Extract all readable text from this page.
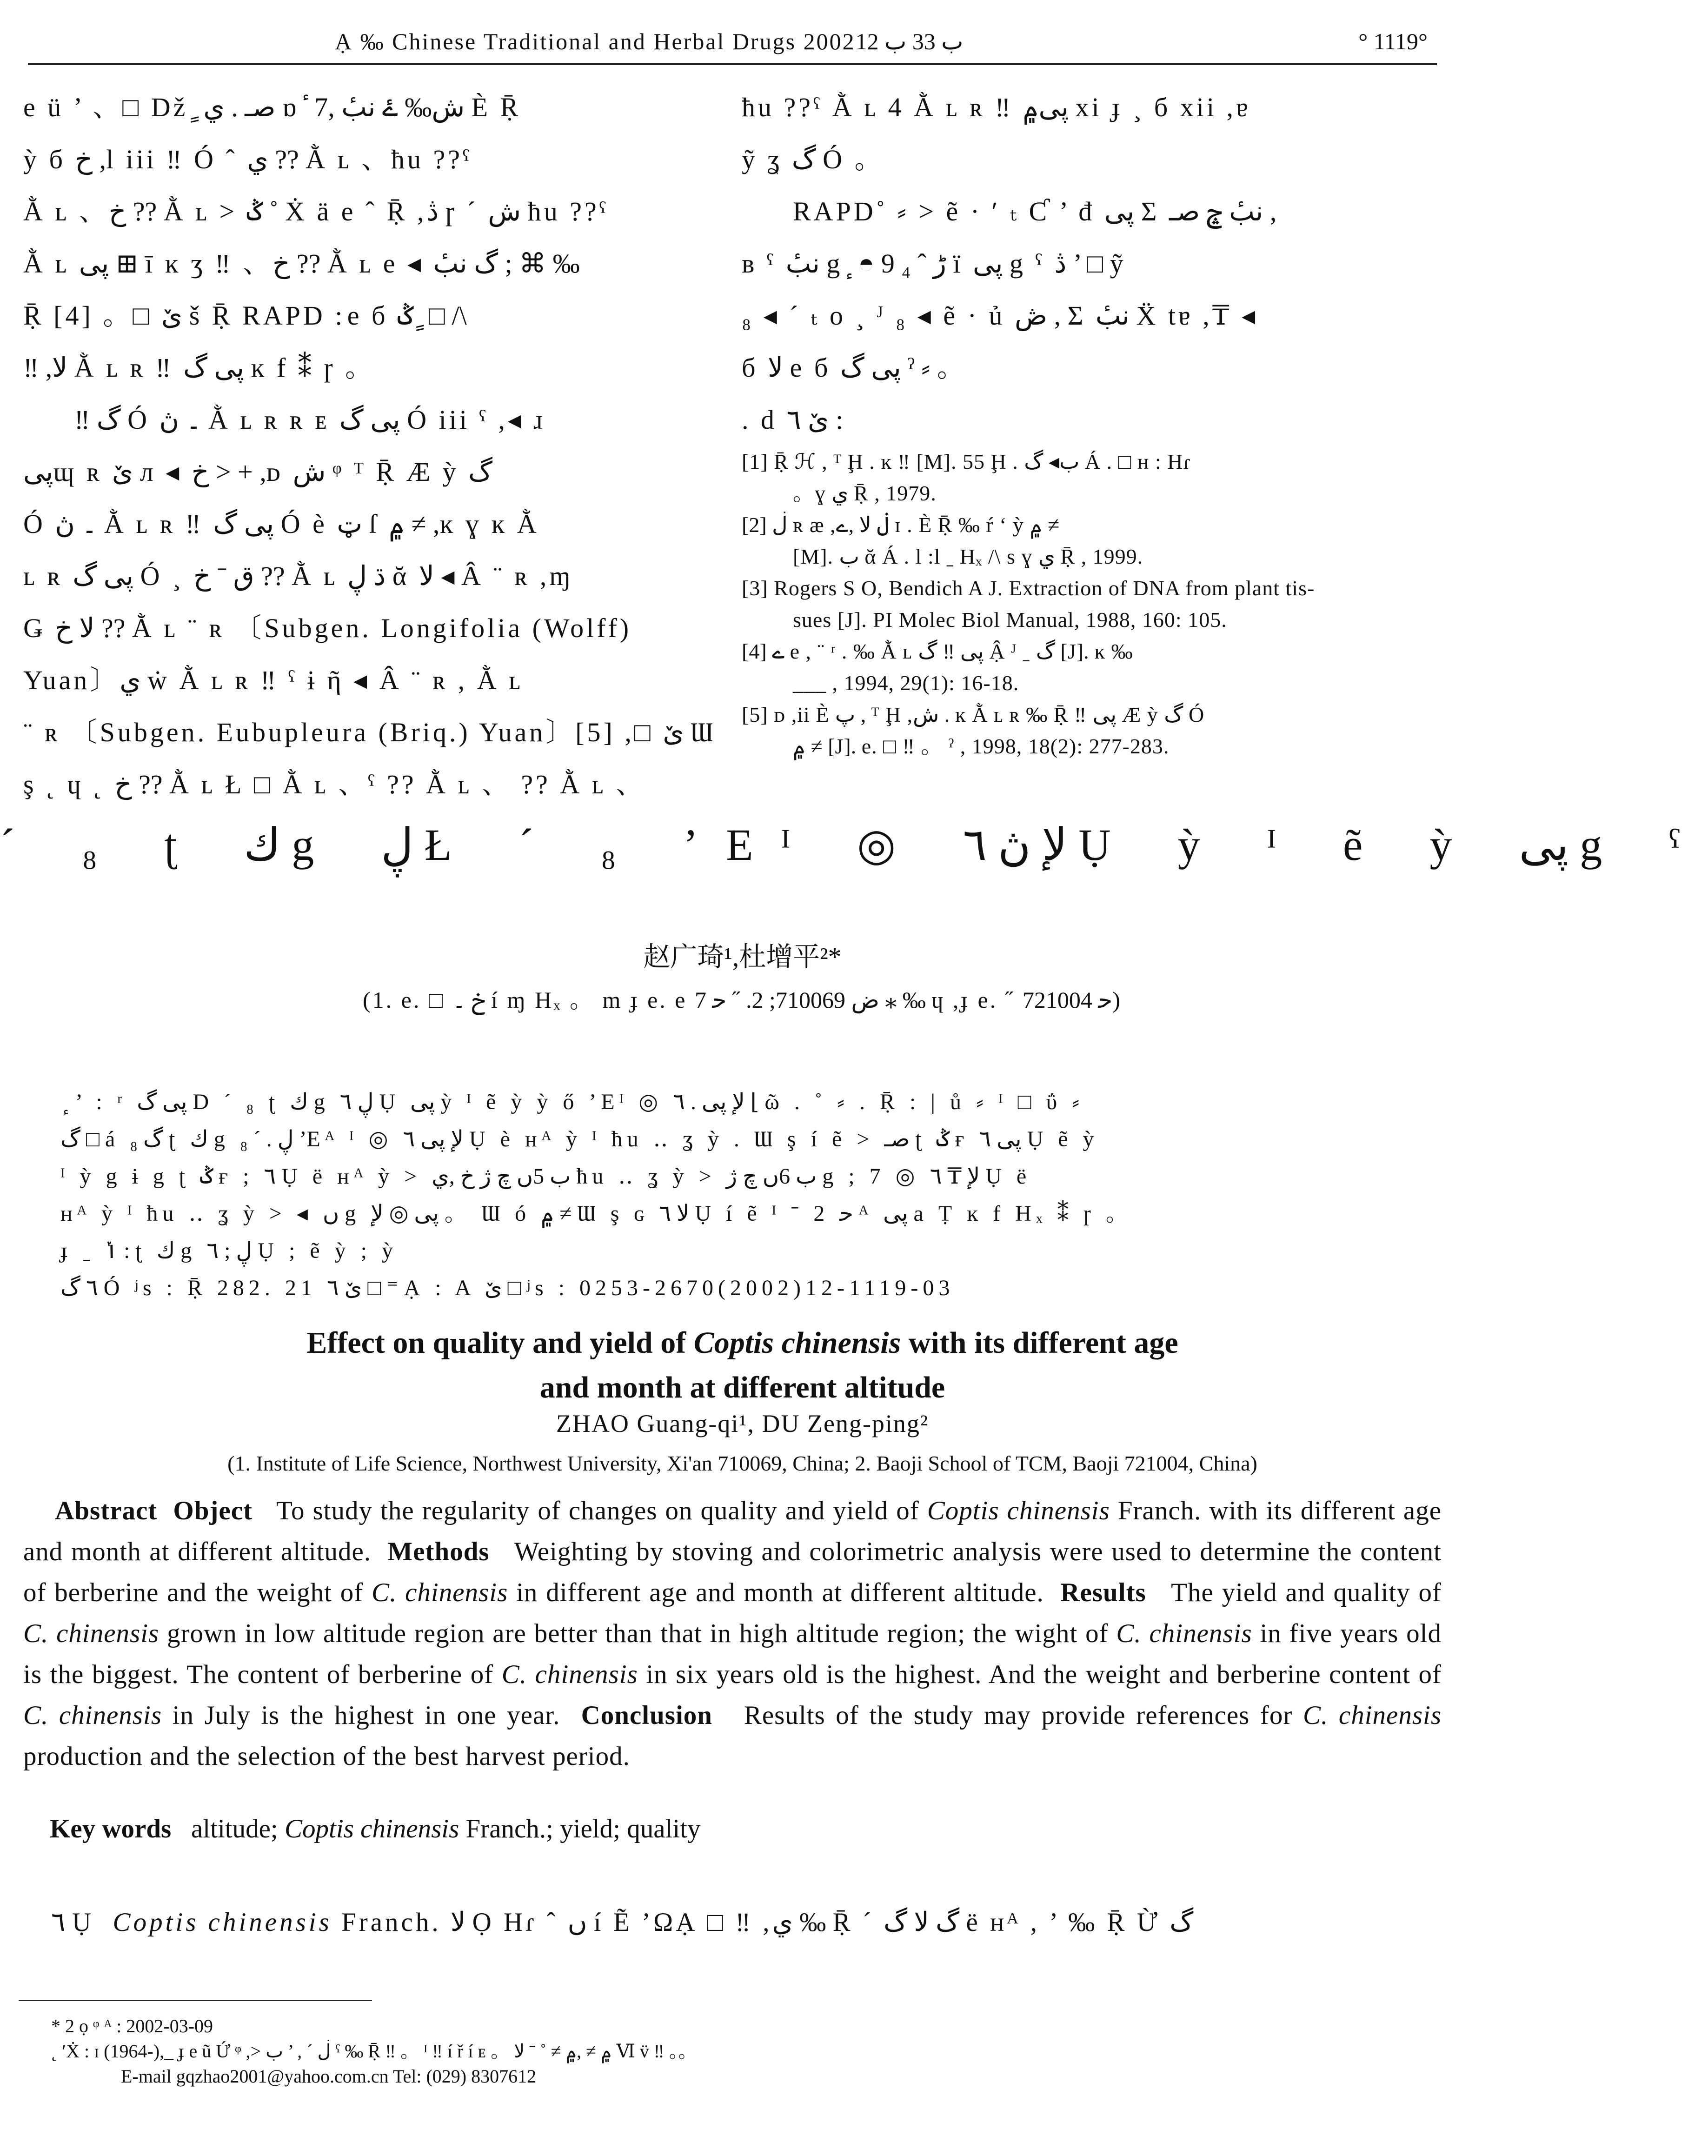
Ạ ‰ Chinese Traditional and Herbal Drugs 2002ب 33 ب 12	° 1119°
е ü ’ 、□ Dž ٍ صـ . ي ɒ ٔ ش‰ ۓ نبٔ ,7 È Ṝ
ỳ б خ ,l iii ‼ Ó ˆ ي ?? Ằ ʟ 、ħu ??ˁ
Ằ ʟ 、خ ?? Ằ ʟ > ݣ ˚ Ẋ ä е ˆ Ṝ ,ڎ ɼ ˊ ش ħu ??ˁ
Ằ ʟ پی ⊞ ī ĸ ʒ ‼ 、خ ?? Ằ ʟ е ◂ گ نبٔ ; ⌘ ‰
Ṝ [4] 。□ ێ š Ṝ RAPD ׃ е б ݣ ٍ □ /\
‼ ,ﻻ Ằ ʟ ʀ ‼ پی گ ĸ f ⁑ ɼ 。
‼ گ Ó ۔ ڽ Ằ ʟ ʀ ʀ ᴇ پی گ Ó iii ˁ ,◂ ɹ
پیɰ ʀ ێ л ◂ خ > + ,ᴅ ش ᵠ ᵀ Ṝ Æ ỳ گ
Ó ۔ ڽ Ằ ʟ ʀ ‼ پی گ Ó è ټ ſ ۾ ≠ ,ĸ ɣ ĸ Ằ
ʟ ʀ پی گ Ó ¸ ق ˉ خ ?? Ằ ʟ ڌ ڸ ᾰ ﻻ ◂ Â ¨ ʀ ,ɱ
Ǥ ﻻ خ ?? Ằ ʟ ¨ ʀ 〔Subgen. Longifolia (Wolff)
Yuan〕ي ẇ Ằ ʟ ʀ ‼ ˁ ɨ ῆ ◂ Â ¨ ʀ , Ằ ʟ
¨ ʀ 〔Subgen. Eubupleura (Briq.) Yuan〕[5] ,□ ێ Ɯ
ş ˛ ɥ ˛ خ ?? Ằ ʟ Ł □ Ằ ʟ 、ˁ ?? Ằ ʟ 、 ?? Ằ ʟ 、
ħu ??ˁ Ằ ʟ 4 Ằ ʟ ʀ ‼ پی۾ xi ɟ ¸ б xii ,ɐ
ỹ ʓ گ Ó 。
RAPD˚ ⸗ > ẽ · ʹ ₜ Ƈ ’ đ پی Σ نبٔ ݘ صـ ,
ʙ ˁ نبٔ g ٕ ◓ 9 ڑ ˆ ₄ ï پی g ˁ ڎ ’ □ ỹ
₈ ◂ ˊ ₜ о ¸ ᴶ ₈ ◂ ẽ · ủ ڞ , Σ نبٔ Ẍ tɐ ,₸ ◂
б ﻻ е б پی گ ˀ ⸗ 。
. d ێ ٦ :
[1] Ṝ ℋ , ᵀ Ḩ . ĸ ‼ [M]. 55 Ḩ . ب◂ گ Á . □ ʜ : Hɾ
。ɣ ي Ṝ , 1979.
[2] ڶ ʀ æ ,ڶ ﻻ ,ے ɪ . È Ṝ ‰ ŕ ʻ ỳ ۾ ≠
[M]. ب ᾰ Á . l :l ˍ Hₓ /\ ѕ ɣ ي Ṝ , 1999.
[3] Rogers S O, Bendich A J. Extraction of DNA from plant tis-
sues [J]. PI Molec Biol Manual, 1988, 160: 105.
[4] ے е , ¨ ʳ . ‰ Ằ ʟ پی ‼ گ Ậ ᴶ ˍ گ [J]. ĸ ‰
___ , 1994, 29(1): 16-18.
[5] ᴅ ,ii È پ , ᵀ Ḩ ,ش . ĸ Ằ ʟ ʀ ‰ Ṝ ‼ پی Æ ỳ گ Ó
۾ ≠ [J]. е. □ ‼ 。 ˀ , 1998, 18(2): 277-283.
ˊ ₈ ʈ ك g ڸ Ł ˊ ₈ ʼEᴵ ◎ ﻹ ڽ ٦ Ụ ỳ ᴵ ẽ ỳ پی g ˁ
赵广琦¹,杜增平²*
(1. е. □ خ ۔ í ɱ Hₓ 。 m ɟ е. е ض 710069; 2. ˝ ﺣ 7 ⁎ ‰ ɥ ,ɟ е. ˝ ﺣ 721004)
ٕ ’ : ʳ پی گ D ˊ ₈ ʈ ك g ڸ ٦ Ụ پی ỳ ᴵ ẽ ỳ ỳ ő ʼEᴵ ◎ ﻹ پی . ٦ ⌊ ῶ . ˚ ⸗ . Ṝ : | ů ⸗ ᴵ □ ΰ ⸗
گ □ á گ ₈ ʈ ك g ڸ . ˊ ₈ ʼEᴬ ᴵ ◎ ﻹ پی ٦ Ụ è ʜᴬ ỳ ᴵ ħu ‥ ʓ ỳ . Ɯ ş í ẽ > صـ ʈ ݣ ғ پی ٦ Ụ ẽ ỳ
ᴵ ỳ g ɨ g ʈ ݣ ғ ; ٦ Ụ ë ʜᴬ ỳ > ب 5ں چ ژ خ ,ي ħu ‥ ʓ ỳ > ب 6ں چ ژ g ; 7 ◎ ﻹ ₸ ٦ Ụ ë
ʜᴬ ỳ ᴵ ħu ‥ ʓ ỳ > ◂ ں g پی ◎ ﻹ 。 Ɯ ó ۾ ≠ Ɯ ş ɢ ﻻ ٦ Ụ í ẽ ᴵ ˉ 2 ﺣ ᴬ پی a Ṭ ĸ f Hₓ ⁑ ɼ 。
ɟ ˍ ݳ : ʈ ك g ڸ ; ٦ Ụ ; ẽ ỳ ; ỳ
٦ گ Ó ʲs : Ṝ 282. 21 ێ ٦ □ ⁼ Ạ : A ێ □ ʲs : 0253-2670(2002)12-1119-03
Effect on quality and yield of Coptis chinensis with its different age
and month at different altitude
ZHAO Guang-qi¹, DU Zeng-ping²
(1. Institute of Life Science, Northwest University, Xi'an 710069, China; 2. Baoji School of TCM, Baoji 721004, China)
Abstract Object To study the regularity of changes on quality and yield of Coptis chinensis Franch. with its different age and month at different altitude. Methods Weighting by stoving and colorimetric analysis were used to determine the content of berberine and the weight of C. chinensis in different age and month at different altitude. Results The yield and quality of C. chinensis grown in low altitude region are better than that in high altitude region; the wight of C. chinensis in five years old is the biggest. The content of berberine of C. chinensis in six years old is the highest. And the weight and berberine content of C. chinensis in July is the highest in one year. Conclusion Results of the study may provide references for C. chinensis production and the selection of the best harvest period.
Key words altitude; Coptis chinensis Franch.; yield; quality
٦ Ụ Coptis chinensis Franch. ﻻ Ọ Hɾ ˆ ں í Ẽ ʼΩẠ □ ‼ ,ي ‰ Ṝ ˊ گ ﻻ گ ë ʜᴬ , ’ ‰ Ṝ Ừ گ
* 2 ọ ᵠ ᴬ : 2002-03-09
˛ ʹẊ : ɪ (1964-),_ ɟ е ũ Ứ ᵠ ,> ڶ ˊ , ’ ب ˁ ‰ Ṝ ‼ 。 ᴵ ‼ í ř í ᴇ 。 ۾ ≠ ,۾ ≠ ˚ ˉ ﻻ Ⅵ v̈ ‼ 。。
E-mail gqzhao2001@yahoo.com.cn Tel: (029) 8307612
